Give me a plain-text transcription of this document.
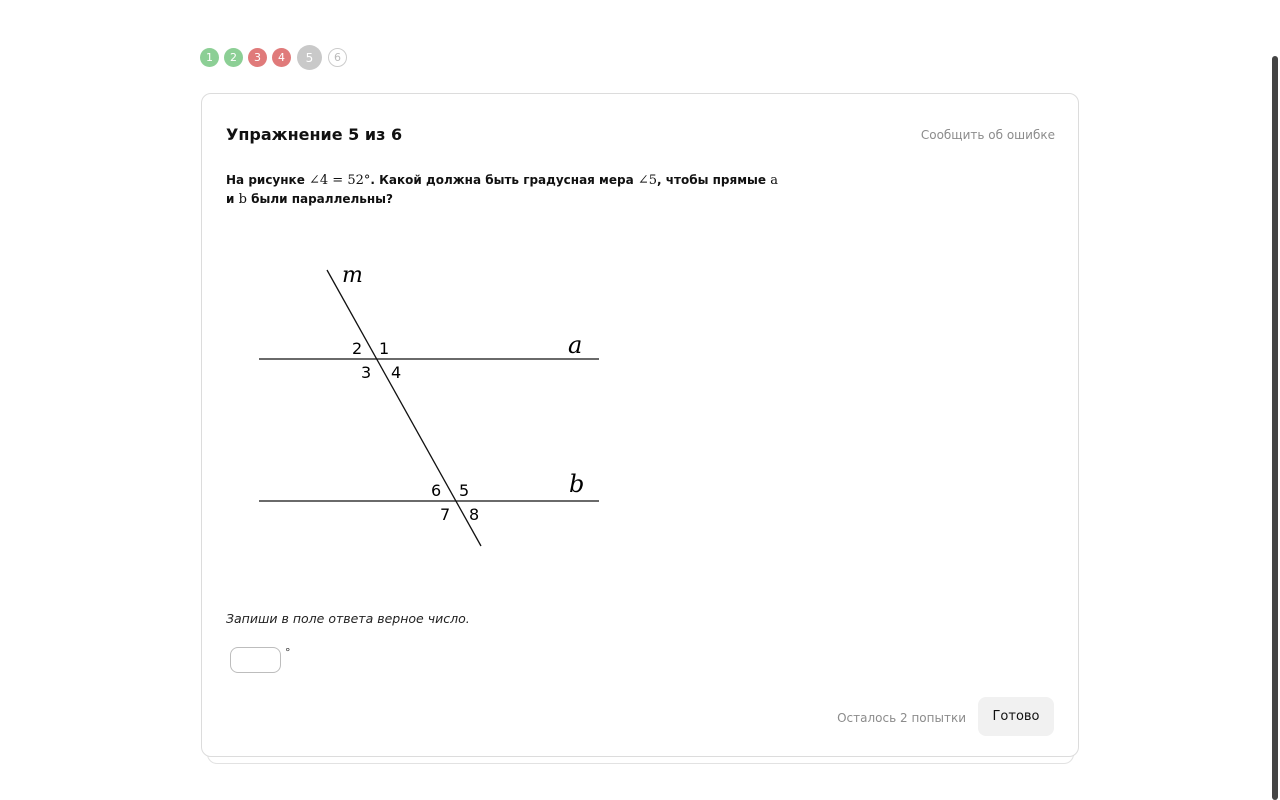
1 2 3 4 5 6
Упражнение 5 из 6	Сообщить об ошибке
На рисунке ∠4 = 52°. Какой должна быть градусная мера ∠5, чтобы прямые a и b были параллельны?
m
a
b
2 1
3 4
6 5
7 8
Запиши в поле ответа верное число.
°
Осталось 2 попытки	Готово
